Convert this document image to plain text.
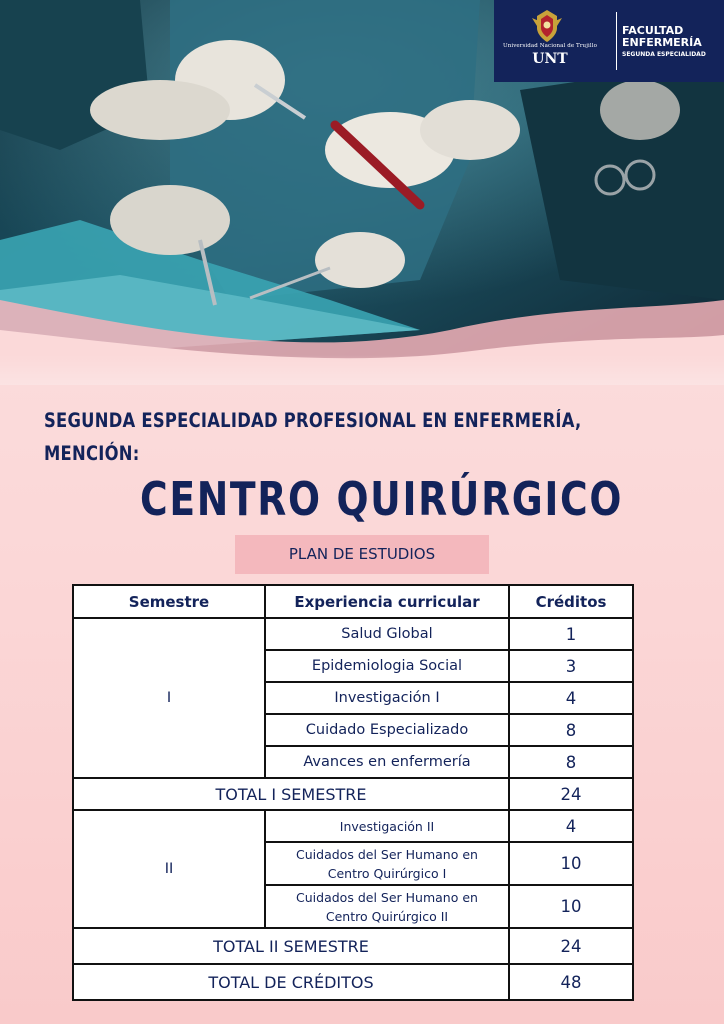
Universidad Nacional de Trujillo
UNT
FACULTAD
ENFERMERÍA
SEGUNDA ESPECIALIDAD
SEGUNDA ESPECIALIDAD PROFESIONAL EN ENFERMERÍA,
MENCIÓN:
CENTRO QUIRÚRGICO
PLAN DE ESTUDIOS
Semestre	Experiencia curricular	Créditos
I	Salud Global	1
	Epidemiologia Social	3
	Investigación I	4
	Cuidado Especializado	8
	Avances en enfermería	8
TOTAL I SEMESTRE		24
II	Investigación II	4

	Cuidados del Ser Humano en
Centro Quirúrgico I	10

	Cuidados del Ser Humano en
Centro Quirúrgico II	10
TOTAL II SEMESTRE		24
TOTAL DE CRÉDITOS		48
